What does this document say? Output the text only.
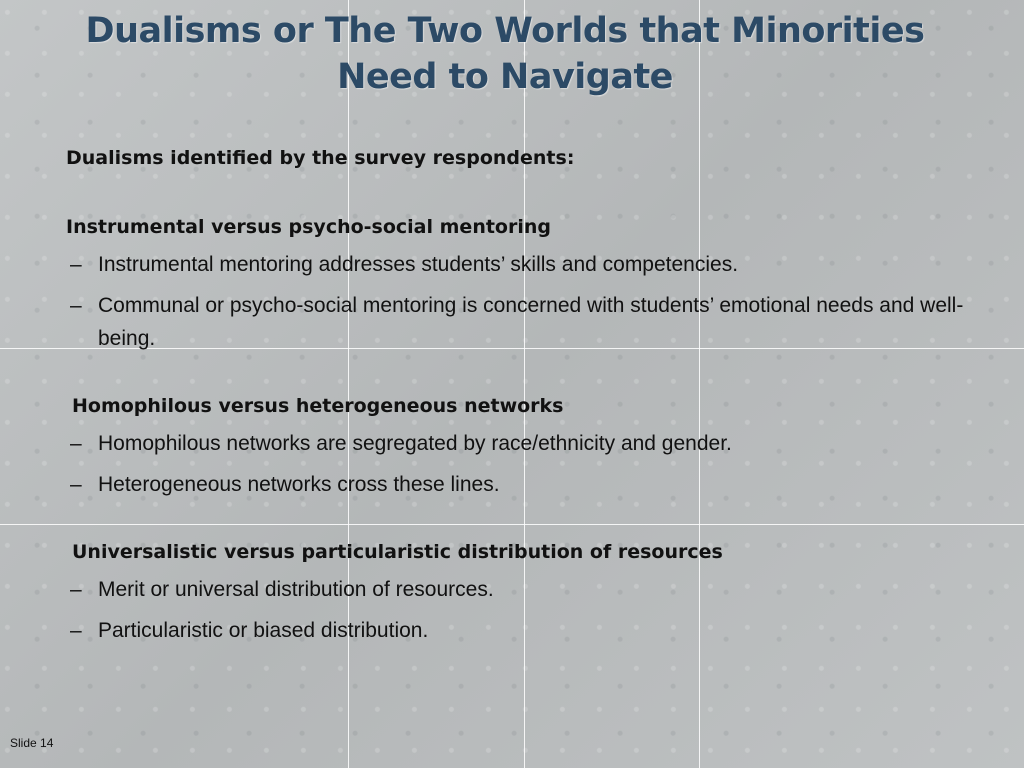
Dualisms or The Two Worlds that Minorities
Need to Navigate

Dualisms identified by the survey respondents:

Instrumental versus psycho-social mentoring
– Instrumental mentoring addresses students’ skills and competencies.
– Communal or psycho-social mentoring is concerned with students’ emotional needs and well-being.
Homophilous versus heterogeneous networks
– Homophilous networks are segregated by race/ethnicity and gender.
– Heterogeneous networks cross these lines.
Universalistic versus particularistic distribution of resources
– Merit or universal distribution of resources.
– Particularistic or biased distribution.
Slide 14
